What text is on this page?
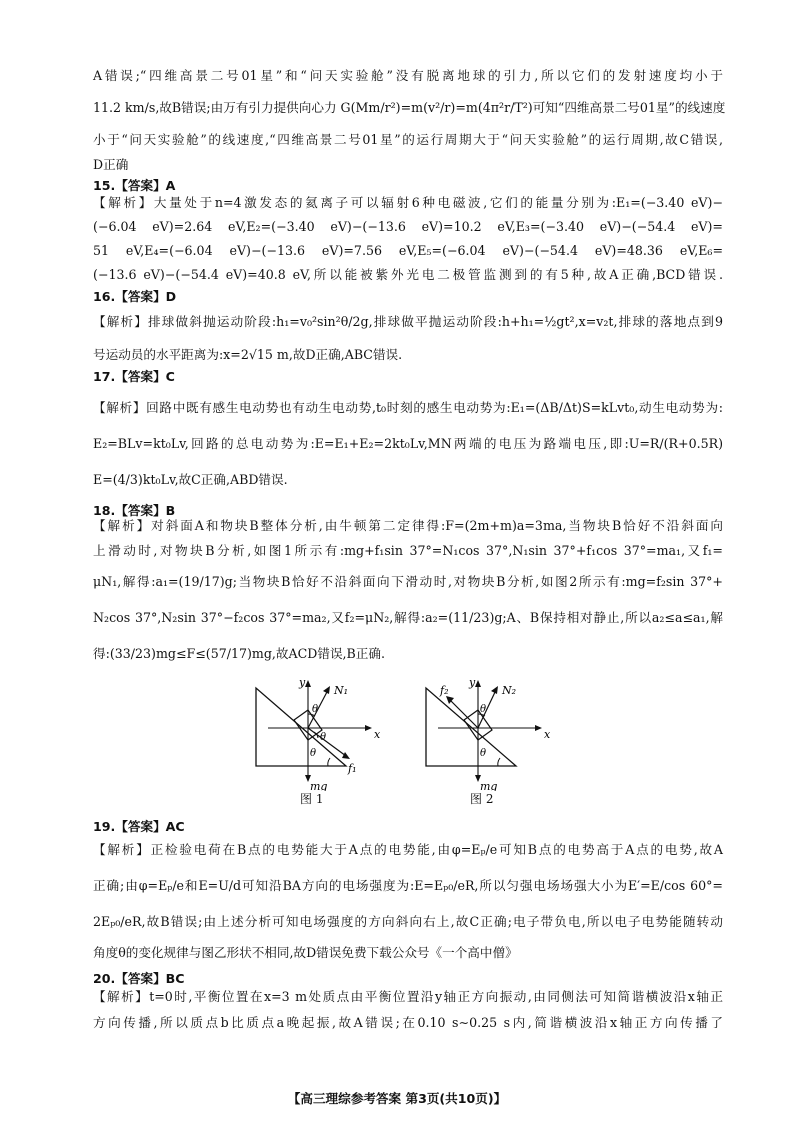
A错误;“四维高景二号01星”和“问天实验舱”没有脱离地球的引力,所以它们的发射速度均小于
11.2 km/s,故B错误;由万有引力提供向心力 G(Mm/r²)=m(v²/r)=m(4π²r/T²)可知“四维高景二号01星”的线速度
小于“问天实验舱”的线速度,“四维高景二号01星”的运行周期大于“问天实验舱”的运行周期,故C错误,
D正确
15.【答案】A
【解析】大量处于n=4激发态的氦离子可以辐射6种电磁波,它们的能量分别为:E₁=(−3.40 eV)−
(−6.04 eV)=2.64 eV,E₂=(−3.40 eV)−(−13.6 eV)=10.2 eV,E₃=(−3.40 eV)−(−54.4 eV)=
51 eV,E₄=(−6.04 eV)−(−13.6 eV)=7.56 eV,E₅=(−6.04 eV)−(−54.4 eV)=48.36 eV,E₆=
(−13.6 eV)−(−54.4 eV)=40.8 eV,所以能被紫外光电二极管监测到的有5种,故A正确,BCD错误.
16.【答案】D
【解析】排球做斜抛运动阶段:h₁=v₀²sin²θ/2g,排球做平抛运动阶段:h+h₁=½gt²,x=v₂t,排球的落地点到9
号运动员的水平距离为:x=2√15 m,故D正确,ABC错误.
17.【答案】C
【解析】回路中既有感生电动势也有动生电动势,t₀时刻的感生电动势为:E₁=(ΔB/Δt)S=kLvt₀,动生电动势为:
E₂=BLv=kt₀Lv,回路的总电动势为:E=E₁+E₂=2kt₀Lv,MN两端的电压为路端电压,即:U=R/(R+0.5R)
E=(4/3)kt₀Lv,故C正确,ABD错误.
18.【答案】B
【解析】对斜面A和物块B整体分析,由牛顿第二定律得:F=(2m+m)a=3ma,当物块B恰好不沿斜面向
上滑动时,对物块B分析,如图1所示有:mg+f₁sin 37°=N₁cos 37°,N₁sin 37°+f₁cos 37°=ma₁,又f₁=
μN₁,解得:a₁=(19/17)g;当物块B恰好不沿斜面向下滑动时,对物块B分析,如图2所示有:mg=f₂sin 37°+
N₂cos 37°,N₂sin 37°−f₂cos 37°=ma₂,又f₂=μN₂,解得:a₂=(11/23)g;A、B保持相对静止,所以a₂≤a≤a₁,解
得:(33/23)mg≤F≤(57/17)mg,故ACD错误,B正确.
y
x
N₁
f₁
θ
θ
θ
mg
图 1
y
x
N₂
f₂
θ
θ
mg
图 2
19.【答案】AC
【解析】正检验电荷在B点的电势能大于A点的电势能,由φ=Eₚ/e可知B点的电势高于A点的电势,故A
正确;由φ=Eₚ/e和E=U/d可知沿BA方向的电场强度为:E=Eₚ₀/eR,所以匀强电场场强大小为E′=E/cos 60°=
2Eₚ₀/eR,故B错误;由上述分析可知电场强度的方向斜向右上,故C正确;电子带负电,所以电子电势能随转动
角度θ的变化规律与图乙形状不相同,故D错误免费下载公众号《一个高中僧》
20.【答案】BC
【解析】t=0时,平衡位置在x=3 m处质点由平衡位置沿y轴正方向振动,由同侧法可知简谐横波沿x轴正
方向传播,所以质点b比质点a晚起振,故A错误;在0.10 s∼0.25 s内,简谐横波沿x轴正方向传播了
【高三理综参考答案 第3页(共10页)】
